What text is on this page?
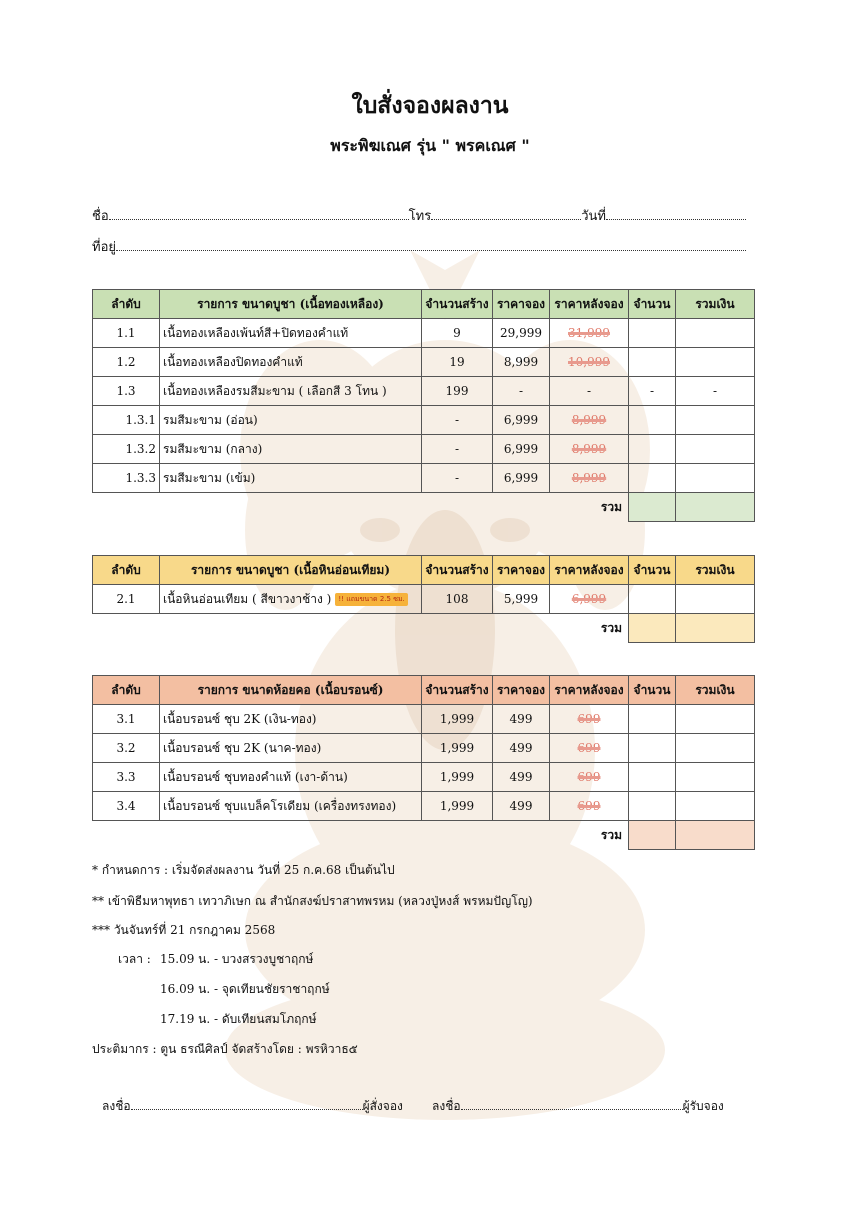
ใบสั่งจองผลงาน
พระพิฆเณศ รุ่น " พรคเณศ "
ชื่อ	โทร	วันที่
ที่อยู่
ลำดับ	รายการ ขนาดบูชา (เนื้อทองเหลือง)	จำนวนสร้าง	ราคาจอง	ราคาหลังจอง	จำนวน	รวมเงิน
1.1	เนื้อทองเหลืองเพ้นท์สี+ปิดทองคำแท้	9	29,999	31,999		
1.2	เนื้อทองเหลืองปิดทองคำแท้	19	8,999	10,999		
1.3	เนื้อทองเหลืองรมสีมะขาม ( เลือกสี 3 โทน )	199	-	-	-	-
1.3.1	รมสีมะขาม (อ่อน)	-	6,999	8,999		
1.3.2	รมสีมะขาม (กลาง)	-	6,999	8,999		
1.3.3	รมสีมะขาม (เข้ม)	-	6,999	8,999		
				รวม		
ลำดับ	รายการ ขนาดบูชา (เนื้อหินอ่อนเทียม)	จำนวนสร้าง	ราคาจอง	ราคาหลังจอง	จำนวน	รวมเงิน
2.1	เนื้อหินอ่อนเทียม ( สีขาวงาช้าง ) !! แถมขนาด 2.5 ซม.	108	5,999	6,999		
				รวม		
ลำดับ	รายการ ขนาดห้อยคอ (เนื้อบรอนซ์)	จำนวนสร้าง	ราคาจอง	ราคาหลังจอง	จำนวน	รวมเงิน
3.1	เนื้อบรอนซ์ ชุบ 2K (เงิน-ทอง)	1,999	499	699		
3.2	เนื้อบรอนซ์ ชุบ 2K (นาค-ทอง)	1,999	499	699		
3.3	เนื้อบรอนซ์ ชุบทองคำแท้ (เงา-ด้าน)	1,999	499	699		
3.4	เนื้อบรอนซ์ ชุบแบล็คโรเดียม (เครื่องทรงทอง)	1,999	499	699		
				รวม		
* กำหนดการ : เริ่มจัดส่งผลงาน วันที่ 25 ก.ค.68 เป็นต้นไป
** เข้าพิธีมหาพุทธา เทวาภิเษก ณ สำนักสงฆ์ปราสาทพรหม (หลวงปู่หงส์ พรหมปัญโญ)
*** วันจันทร์ที่ 21 กรกฎาคม 2568
เวลา : 15.09 น. - บวงสรวงบูชาฤกษ์
16.09 น. - จุดเทียนชัยราชาฤกษ์
17.19 น. - ดับเทียนสมโภฤกษ์
ประติมากร : ตูน ธรณีศิลป์ จัดสร้างโดย : พรหิวาธ๕
ลงชื่อ	ผู้สั่งจอง ลงชื่อ	ผู้รับจอง
